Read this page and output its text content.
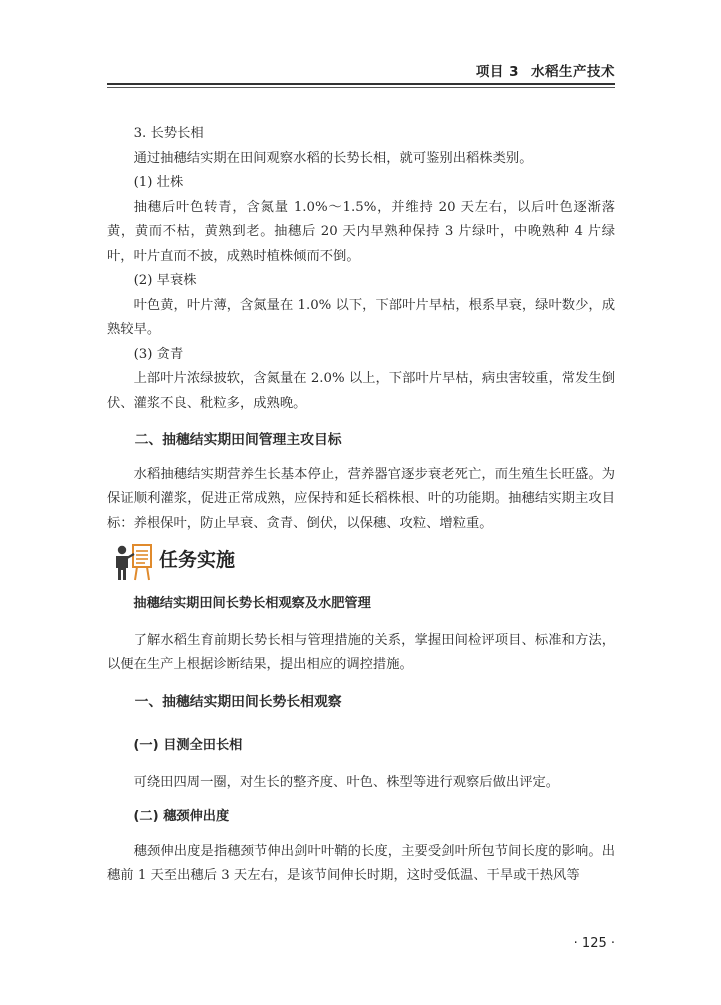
项目 3 水稻生产技术
3. 长势长相

通过抽穗结实期在田间观察水稻的长势长相，就可鉴别出稻株类别。

(1) 壮株

抽穗后叶色转青，含氮量 1.0%～1.5%，并维持 20 天左右，以后叶色逐渐落黄，黄而不枯，黄熟到老。抽穗后 20 天内早熟种保持 3 片绿叶，中晚熟种 4 片绿叶，叶片直而不披，成熟时植株倾而不倒。

(2) 早衰株

叶色黄，叶片薄，含氮量在 1.0% 以下，下部叶片早枯，根系早衰，绿叶数少，成熟较早。

(3) 贪青

上部叶片浓绿披软，含氮量在 2.0% 以上，下部叶片早枯，病虫害较重，常发生倒伏、灌浆不良、秕粒多，成熟晚。

二、抽穗结实期田间管理主攻目标

水稻抽穗结实期营养生长基本停止，营养器官逐步衰老死亡，而生殖生长旺盛。为保证顺利灌浆，促进正常成熟，应保持和延长稻株根、叶的功能期。抽穗结实期主攻目标：养根保叶，防止早衰、贪青、倒伏，以保穗、攻粒、增粒重。

任务实施
抽穗结实期田间长势长相观察及水肥管理

了解水稻生育前期长势长相与管理措施的关系，掌握田间检评项目、标准和方法，以便在生产上根据诊断结果，提出相应的调控措施。

一、抽穗结实期田间长势长相观察
(一) 目测全田长相

可绕田四周一圈，对生长的整齐度、叶色、株型等进行观察后做出评定。

(二) 穗颈伸出度

穗颈伸出度是指穗颈节伸出剑叶叶鞘的长度，主要受剑叶所包节间长度的影响。出穗前 1 天至出穗后 3 天左右，是该节间伸长时期，这时受低温、干旱或干热风等

· 125 ·
